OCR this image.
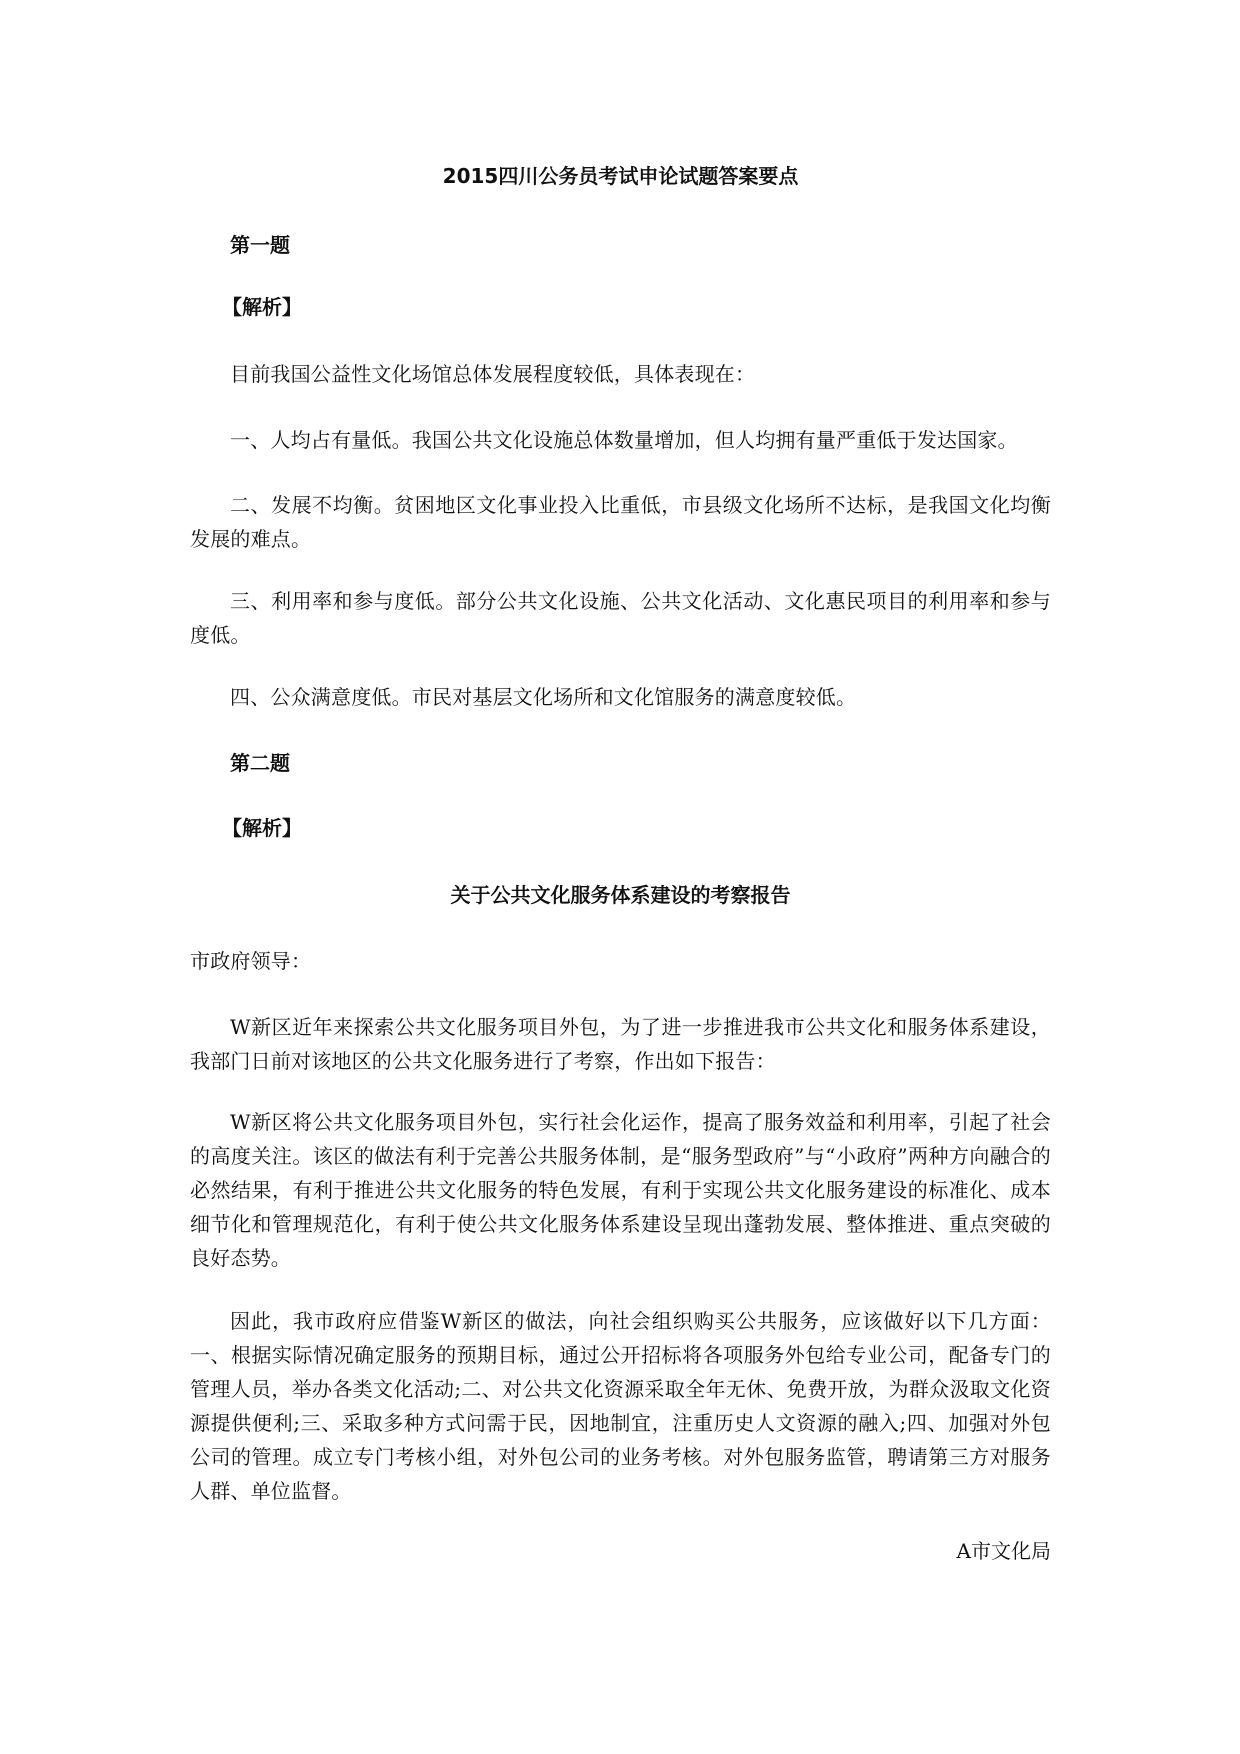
2015四川公务员考试申论试题答案要点
第一题
【解析】

目前我国公益性文化场馆总体发展程度较低，具体表现在：

一、人均占有量低。我国公共文化设施总体数量增加，但人均拥有量严重低于发达国家。

二、发展不均衡。贫困地区文化事业投入比重低，市县级文化场所不达标，是我国文化均衡发展的难点。

三、利用率和参与度低。部分公共文化设施、公共文化活动、文化惠民项目的利用率和参与度低。

四、公众满意度低。市民对基层文化场所和文化馆服务的满意度较低。

第二题
【解析】
关于公共文化服务体系建设的考察报告

市政府领导：

W新区近年来探索公共文化服务项目外包，为了进一步推进我市公共文化和服务体系建设，我部门日前对该地区的公共文化服务进行了考察，作出如下报告：

W新区将公共文化服务项目外包，实行社会化运作，提高了服务效益和利用率，引起了社会的高度关注。该区的做法有利于完善公共服务体制，是“服务型政府”与“小政府”两种方向融合的必然结果，有利于推进公共文化服务的特色发展，有利于实现公共文化服务建设的标准化、成本细节化和管理规范化，有利于使公共文化服务体系建设呈现出蓬勃发展、整体推进、重点突破的良好态势。

因此，我市政府应借鉴W新区的做法，向社会组织购买公共服务，应该做好以下几方面：一、根据实际情况确定服务的预期目标，通过公开招标将各项服务外包给专业公司，配备专门的管理人员，举办各类文化活动;二、对公共文化资源采取全年无休、免费开放，为群众汲取文化资源提供便利;三、采取多种方式问需于民，因地制宜，注重历史人文资源的融入;四、加强对外包公司的管理。成立专门考核小组，对外包公司的业务考核。对外包服务监管，聘请第三方对服务人群、单位监督。

A市文化局
